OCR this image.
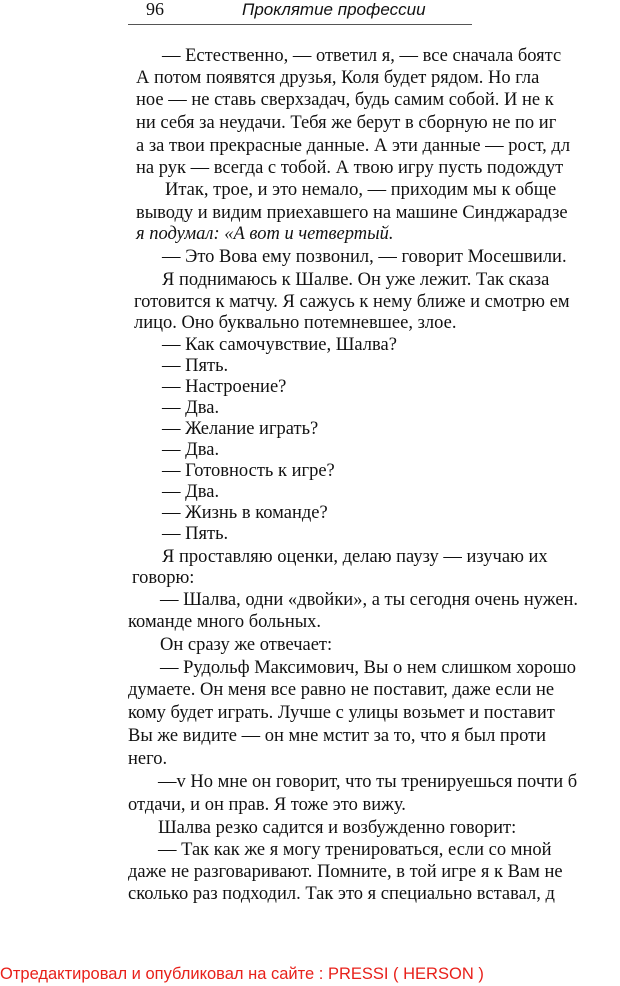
96	Проклятие профессии
— Естественно, — ответил я, — все сначала боятс
А потом появятся друзья, Коля будет рядом. Но гла
ное — не ставь сверхзадач, будь самим собой. И не к
ни себя за неудачи. Тебя же берут в сборную не по иг
а за твои прекрасные данные. А эти данные — рост, дл
на рук — всегда с тобой. А твою игру пусть подождут
Итак, трое, и это немало, — приходим мы к обще
выводу и видим приехавшего на машине Синджарадзе
я подумал: «А вот и четвертый.
— Это Вова ему позвонил, — говорит Мосешвили.
Я поднимаюсь к Шалве. Он уже лежит. Так сказа
готовится к матчу. Я сажусь к нему ближе и смотрю ем
лицо. Оно буквально потемневшее, злое.
— Как самочувствие, Шалва?
— Пять.
— Настроение?
— Два.
— Желание играть?
— Два.
— Готовность к игре?
— Два.
— Жизнь в команде?
— Пять.
Я проставляю оценки, делаю паузу — изучаю их
говорю:
— Шалва, одни «двойки», а ты сегодня очень нужен.
команде много больных.
Он сразу же отвечает:
— Рудольф Максимович, Вы о нем слишком хорошо
думаете. Он меня все равно не поставит, даже если не
кому будет играть. Лучше с улицы возьмет и поставит
Вы же видите — он мне мстит за то, что я был проти
него.
—v Но мне он говорит, что ты тренируешься почти б
отдачи, и он прав. Я тоже это вижу.
Шалва резко садится и возбужденно говорит:
— Так как же я могу тренироваться, если со мной
даже не разговаривают. Помните, в той игре я к Вам не
сколько раз подходил. Так это я специально вставал, д
Отредактировал и опубликовал на сайте : PRESSI ( HERSON )
